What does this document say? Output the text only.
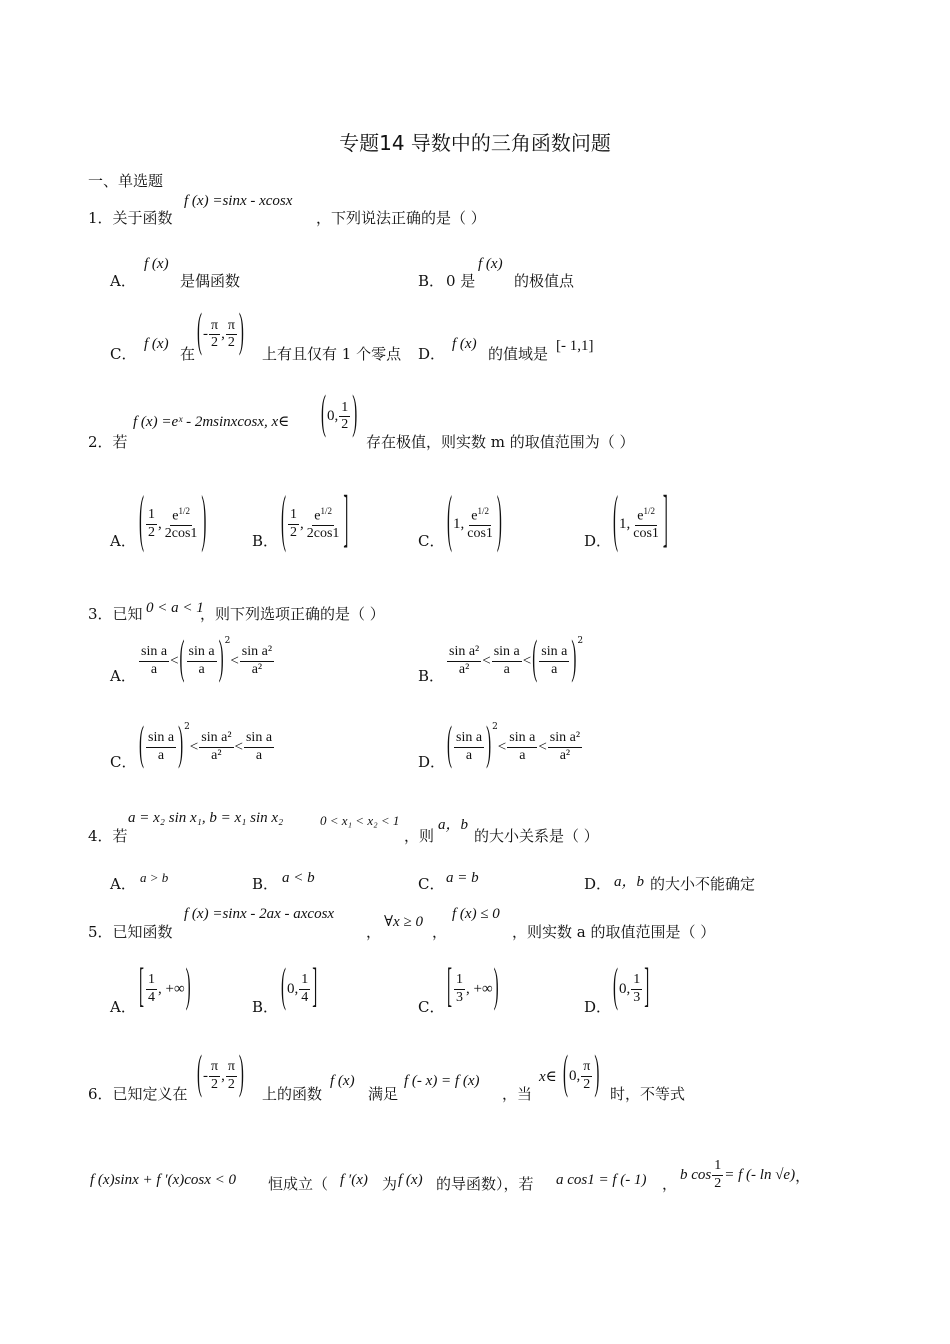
专题14 导数中的三角函数问题
一、单选题
1．关于函数
f (x) =sinx - xcosx
，下列说法正确的是（ ）
A．
f (x)
是偶函数	B． 0 是
f (x)
的极值点
C．
f (x)
在 ( - $\frac{\pi}{2}$ , $\frac{\pi}{2}$ ) 上有且仅有 1 个零点 D．
f (x)
的值域是 [- 1,1]
2．若
f (x) =eˣ - 2msinxcosx, x∈ ( 0, $\frac{1}{2}$ )
存在极值，则实数 m 的取值范围为（ ）
A． ( $\frac{1}{2}$ , $\frac{e^{1/2}}{2\cos 1}$ )	B． ( $\frac{1}{2}$ , $\frac{e^{1/2}}{2\cos 1}$ ]	C． ( 1, $\frac{e^{1/2}}{\cos 1}$ )	D． ( 1, $\frac{e^{1/2}}{\cos 1}$ ]
3．已知 0 < a < 1
，则下列选项正确的是（ ）
A． $\frac{\text{sin a}}{a}$ < ( $\frac{\text{sin a}}{a} )^2$
< $\frac{\text{sin a²}}{\text{a²}}$	B． $\frac{\text{sin a²}}{\text{a²}} < \frac{\text{sin a}}{a}$ < ( $\frac{\text{sin a}}{a} )^2$
C． ( $\frac{\text{sin a}}{a} )^2$
< $\frac{\text{sin a²}}{\text{a²}} < \frac{\text{sin a}}{a}$	D． ( $\frac{\text{sin a}}{a} )^2$
< $\frac{\text{sin a}}{a} < \frac{\text{sin a²}}{\text{a²}}$
4．若
a = x₂ sin x₁, b = x₁ sin x₂	0 < x₁ < x₂ < 1
，则
a，b
的大小关系是（ ）
A． a > b	B． a < b	C． a = b	D． a，b 的大小不能确定
5．已知函数
f (x) =sinx - 2ax - axcosx
，
∀x ≥ 0
，
f (x) ≤ 0
，则实数 a 的取值范围是（ ）
A． [ $\frac{1}{4}$ , +∞ )	B． ( 0, $\frac{1}{4}$ ]	C． [ $\frac{1}{3}$ , +∞ )	D． ( 0, $\frac{1}{3}$ ]
6．已知定义在 ( - $\frac{\pi}{2}$ , $\frac{\pi}{2}$ ) 上的函数
f (x)
满足
f (- x) = f (x)
，当
x∈ ( 0, $\frac{\pi}{2}$ ) 时，不等式
f (x)sinx + f ′(x)cosx < 0 恒成立（ f ′(x) 为 f (x) 的导函数），若 a cos1 = f (- 1) ，
b $\cos \frac{1}{2} = f$ (- ln √e) ，
